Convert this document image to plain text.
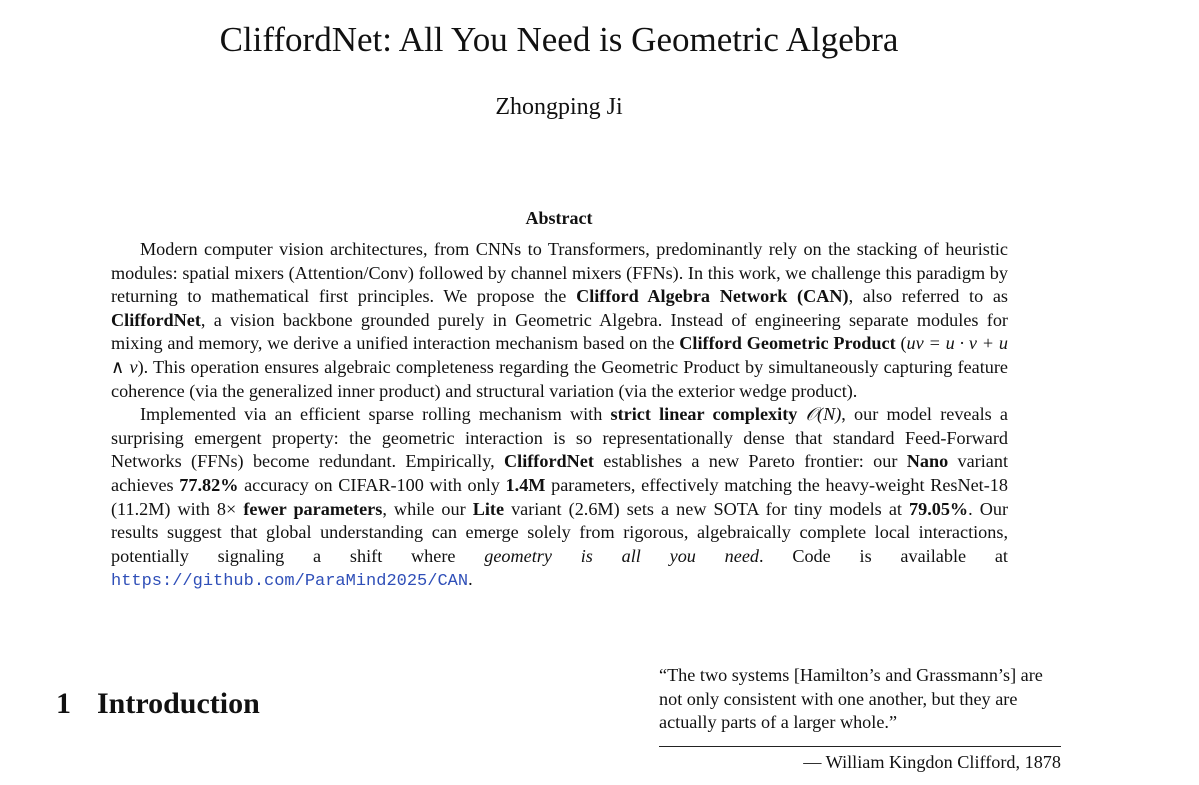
CliffordNet: All You Need is Geometric Algebra
Zhongping Ji
Abstract

Modern computer vision architectures, from CNNs to Transformers, predominantly rely on the stacking of heuristic modules: spatial mixers (Attention/Conv) followed by channel mixers (FFNs). In this work, we challenge this paradigm by returning to mathematical first principles. We propose the Clifford Algebra Network (CAN), also referred to as CliffordNet, a vision backbone grounded purely in Geometric Algebra. Instead of engineering separate modules for mixing and memory, we derive a unified interaction mechanism based on the Clifford Geometric Product (uv = u · v + u ∧ v). This operation ensures algebraic completeness regarding the Geometric Product by simultaneously capturing feature coherence (via the generalized inner product) and structural variation (via the exterior wedge product).

Implemented via an efficient sparse rolling mechanism with strict linear complexity 𝒪(N), our model reveals a surprising emergent property: the geometric interaction is so representationally dense that standard Feed-Forward Networks (FFNs) become redundant. Empirically, CliffordNet establishes a new Pareto frontier: our Nano variant achieves 77.82% accuracy on CIFAR-100 with only 1.4M parameters, effectively matching the heavy-weight ResNet-18 (11.2M) with 8× fewer parameters, while our Lite variant (2.6M) sets a new SOTA for tiny models at 79.05%. Our results suggest that global understanding can emerge solely from rigorous, algebraically complete local interactions, potentially signaling a shift where geometry is all you need. Code is available at https://github.com/ParaMind2025/CAN.

1 Introduction
“The two systems [Hamilton’s and Grassmann’s] are not only consistent with one another, but they are actually parts of a larger whole.”
— William Kingdon Clifford, 1878
